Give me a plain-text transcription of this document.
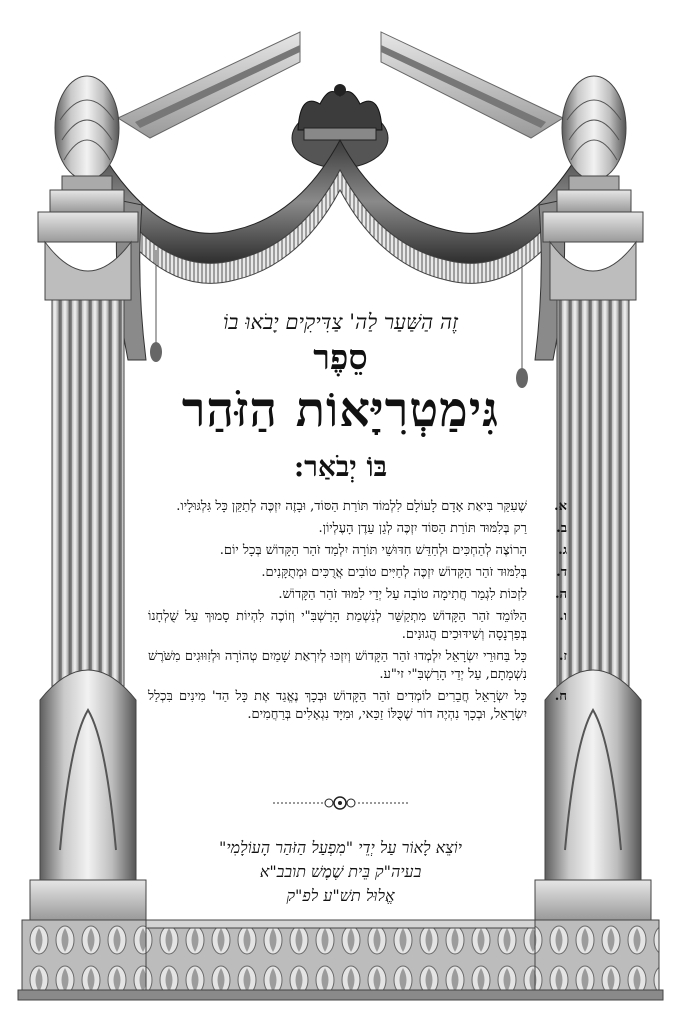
זֶה הַשַּׁעַר לַה' צַדִּיקִים יָבֹאוּ בוֹ
סֵפֶר
גִּימַטְרִיָּאוֹת הַזֹּהַר
בּוֹ יְבֹאַר:
א.
שֶׁעִקַּר בִּיאַת אָדָם לָעוֹלָם לִלְמוֹד תּוֹרַת הַסּוֹד, וּבָזֶה יִזְכֶּה לְתַקֵּן כָּל גִּלְגּוּלָיו.
ב.
רַק בְּלִמּוּד תּוֹרַת הַסּוֹד יִזְכֶּה לְגַן עֵדֶן הָעֶלְיוֹן.
ג.
הָרוֹצֶה לְהַחְכִּים וּלְחַדֵּשׁ חִדּוּשֵׁי תּוֹרָה יִלְמַד זֹהַר הַקָּדוֹשׁ בְּכָל יוֹם.
ד.
בְּלִמּוּד זֹהַר הַקָּדוֹשׁ יִזְכֶּה לְחַיִּים טוֹבִים אֲרֻכִּים וּמְתֻקָּנִים.
ה.
לִזְכּוֹת לִגְמַר חֲתִימָה טוֹבָה עַל יְדֵי לִמּוּד זֹהַר הַקָּדוֹשׁ.
ו.
הַלּוֹמֵד זֹהַר הַקָּדוֹשׁ מִתְקַשֵּׁר לְנִשְׁמַת הָרַשְׁבִּ"י וְזוֹכֶה לִהְיוֹת סָמוּךְ עַל שֻׁלְחָנוֹ בְּפַרְנָסָה וְשִׁידּוּכִים הֲגוּנִים.
ז.
כָּל בַּחוּרֵי יִשְׂרָאֵל יִלְמְדוּ זֹהַר הַקָּדוֹשׁ וְיִזְכּוּ לְיִרְאַת שָׁמַיִם טְהוֹרָה וּלְזִוּוּגִים מִשֹּׁרֶשׁ נִשְׁמָתָם, עַל יְדֵי הָרַשְׁבִּ"י זי"ע.
ח.
כָּל יִשְׂרָאֵל חֲבֵרִים לוֹמְדִים זֹהַר הַקָּדוֹשׁ וּבְכָךְ נֶאֱגַד אֶת כָּל הַד' מִינִים בִּכְלַל יִשְׂרָאֵל, וּבְכָךְ נִהְיֶה דוֹר שֶׁכֻּלּוֹ זַכַּאי, וּמִיָּד נִגְאָלִים בְּרַחֲמִים.
יוֹצֵא לָאוֹר עַל יְדֵי "מִפְעַל הַזֹּהַר הָעוֹלָמִי"
בעיה"ק בֵּית שֶׁמֶשׁ תובב"א
אֱלוּל תשׁ"ע לפ"ק
